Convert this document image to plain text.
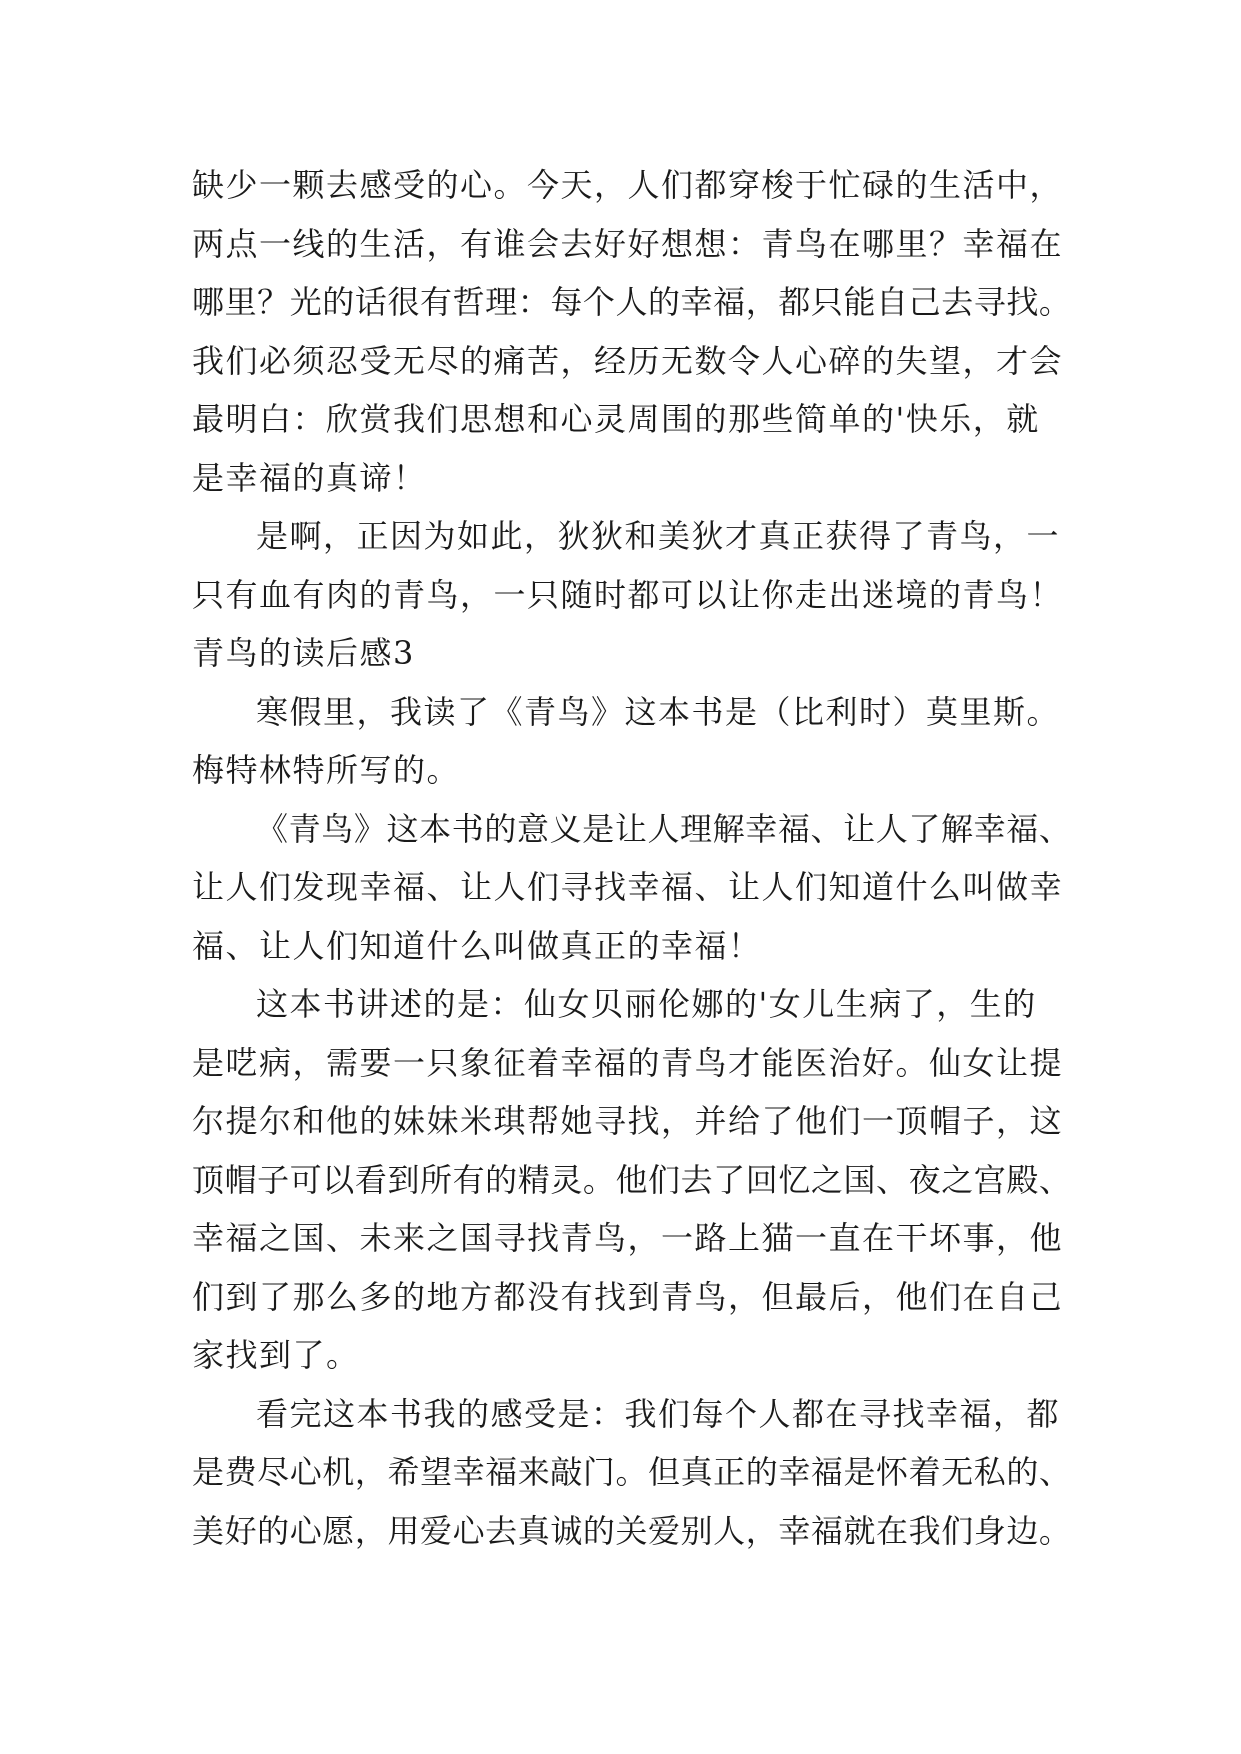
缺少一颗去感受的心。今天，人们都穿梭于忙碌的生活中，
两点一线的生活，有谁会去好好想想：青鸟在哪里？幸福在
哪里？光的话很有哲理：每个人的幸福，都只能自己去寻找。
我们必须忍受无尽的痛苦，经历无数令人心碎的失望，才会
最明白：欣赏我们思想和心灵周围的那些简单的'快乐，就
是幸福的真谛！
是啊，正因为如此，狄狄和美狄才真正获得了青鸟，一
只有血有肉的青鸟，一只随时都可以让你走出迷境的青鸟！
青鸟的读后感3
寒假里，我读了《青鸟》这本书是（比利时）莫里斯。
梅特林特所写的。
《青鸟》这本书的意义是让人理解幸福、让人了解幸福、
让人们发现幸福、让人们寻找幸福、让人们知道什么叫做幸
福、让人们知道什么叫做真正的幸福！
这本书讲述的是：仙女贝丽伦娜的'女儿生病了，生的
是呓病，需要一只象征着幸福的青鸟才能医治好。仙女让提
尔提尔和他的妹妹米琪帮她寻找，并给了他们一顶帽子，这
顶帽子可以看到所有的精灵。他们去了回忆之国、夜之宫殿、
幸福之国、未来之国寻找青鸟，一路上猫一直在干坏事，他
们到了那么多的地方都没有找到青鸟，但最后，他们在自己
家找到了。
看完这本书我的感受是：我们每个人都在寻找幸福，都
是费尽心机，希望幸福来敲门。但真正的幸福是怀着无私的、
美好的心愿，用爱心去真诚的关爱别人，幸福就在我们身边。
